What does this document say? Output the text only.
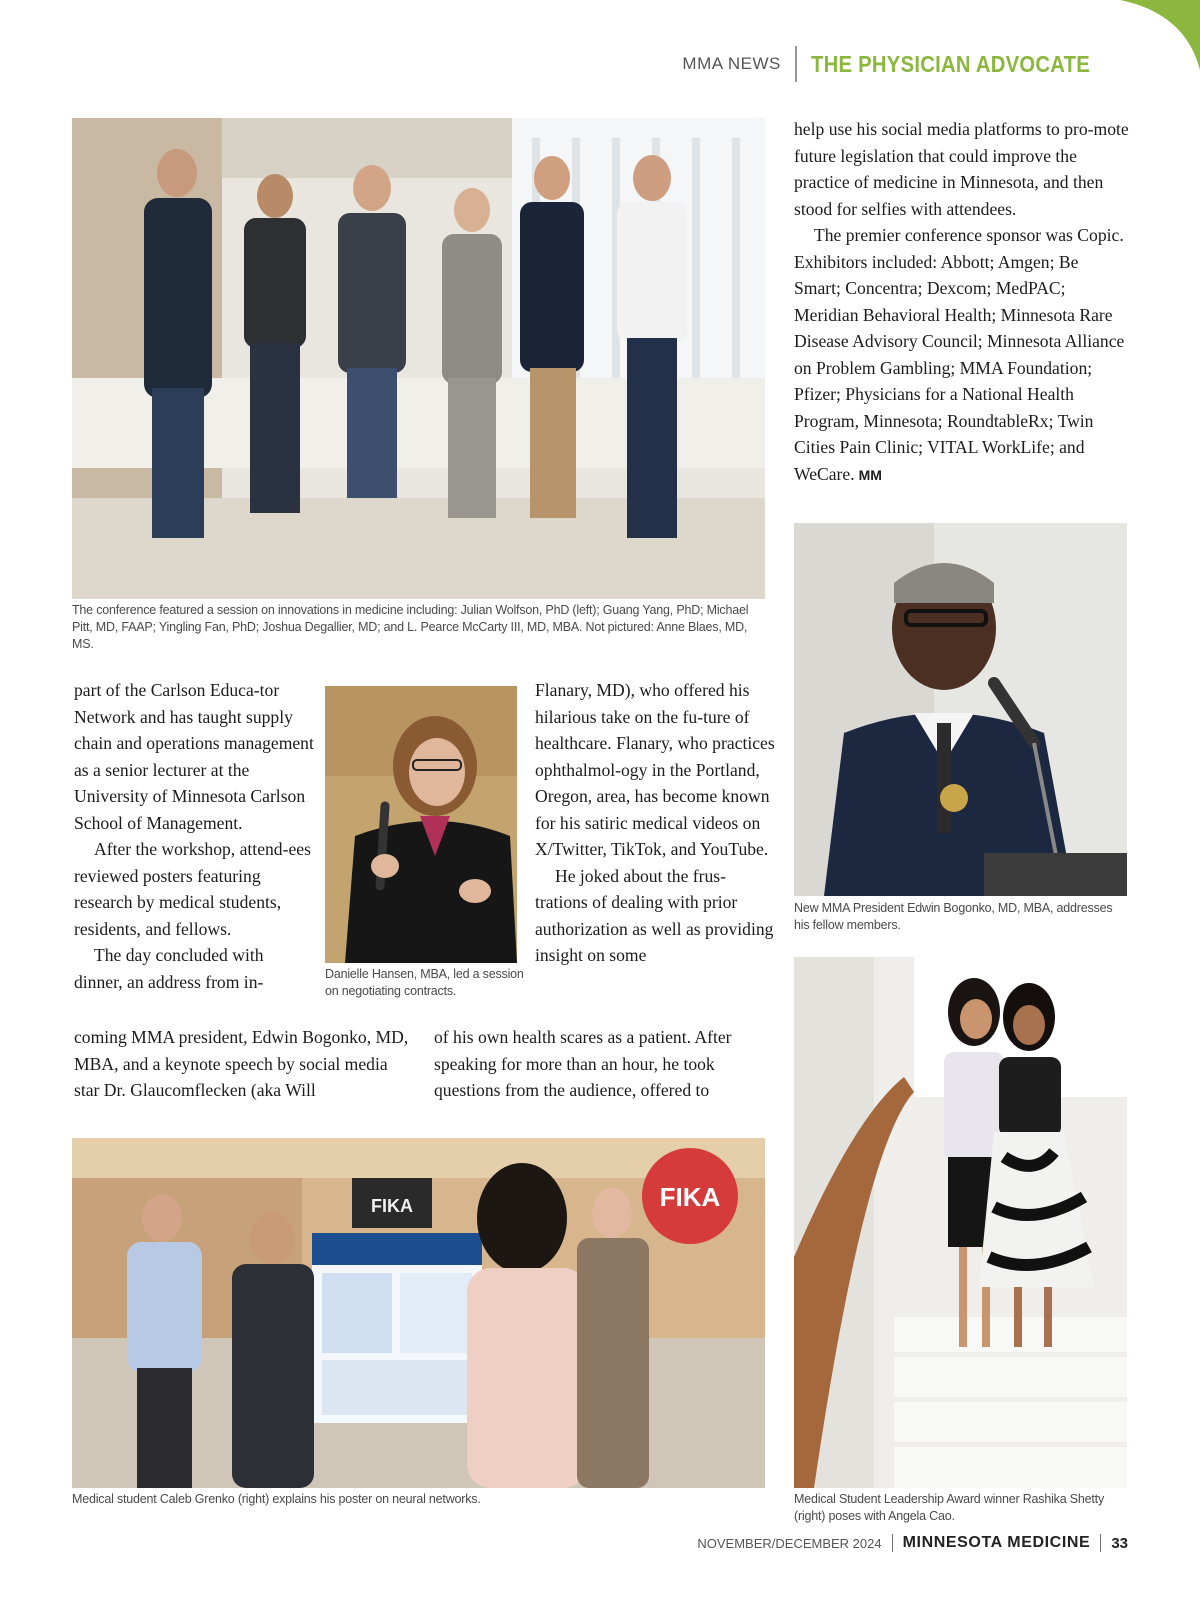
MMA NEWS	THE PHYSICIAN ADVOCATE
The conference featured a session on innovations in medicine including: Julian Wolfson, PhD (left); Guang Yang, PhD; Michael Pitt, MD, FAAP; Yingling Fan, PhD; Joshua Degallier, MD; and L. Pearce McCarty III, MD, MBA. Not pictured: Anne Blaes, MD, MS.

help use his social media platforms to pro-mote future legislation that could improve the practice of medicine in Minnesota, and then stood for selfies with attendees.

The premier conference sponsor was Copic. Exhibitors included: Abbott; Amgen; Be Smart; Concentra; Dexcom; MedPAC; Meridian Behavioral Health; Minnesota Rare Disease Advisory Council; Minnesota Alliance on Problem Gambling; MMA Foundation; Pfizer; Physicians for a National Health Program, Minnesota; RoundtableRx; Twin Cities Pain Clinic; VITAL WorkLife; and WeCare. MM

New MMA President Edwin Bogonko, MD, MBA, addresses his fellow members.

part of the Carlson Educa-tor Network and has taught supply chain and operations management as a senior lecturer at the University of Minnesota Carlson School of Management.

After the workshop, attend-ees reviewed posters featuring research by medical students, residents, and fellows.

The day concluded with dinner, an address from in-	Danielle Hansen, MBA, led a session on negotiating contracts.

Flanary, MD), who offered his hilarious take on the fu-ture of healthcare. Flanary, who practices ophthalmol-ogy in the Portland, Oregon, area, has become known for his satiric medical videos on X/Twitter, TikTok, and YouTube.

He joked about the frus-trations of dealing with prior authorization as well as providing insight on some

coming MMA president, Edwin Bogonko, MD, MBA, and a keynote speech by social media star Dr. Glaucomflecken (aka Will

of his own health scares as a patient. After speaking for more than an hour, he took questions from the audience, offered to

FIKA
FIKA
Medical student Caleb Grenko (right) explains his poster on neural networks.	Medical Student Leadership Award winner Rashika Shetty (right) poses with Angela Cao.
NOVEMBER/DECEMBER 2024 MINNESOTA MEDICINE 33
